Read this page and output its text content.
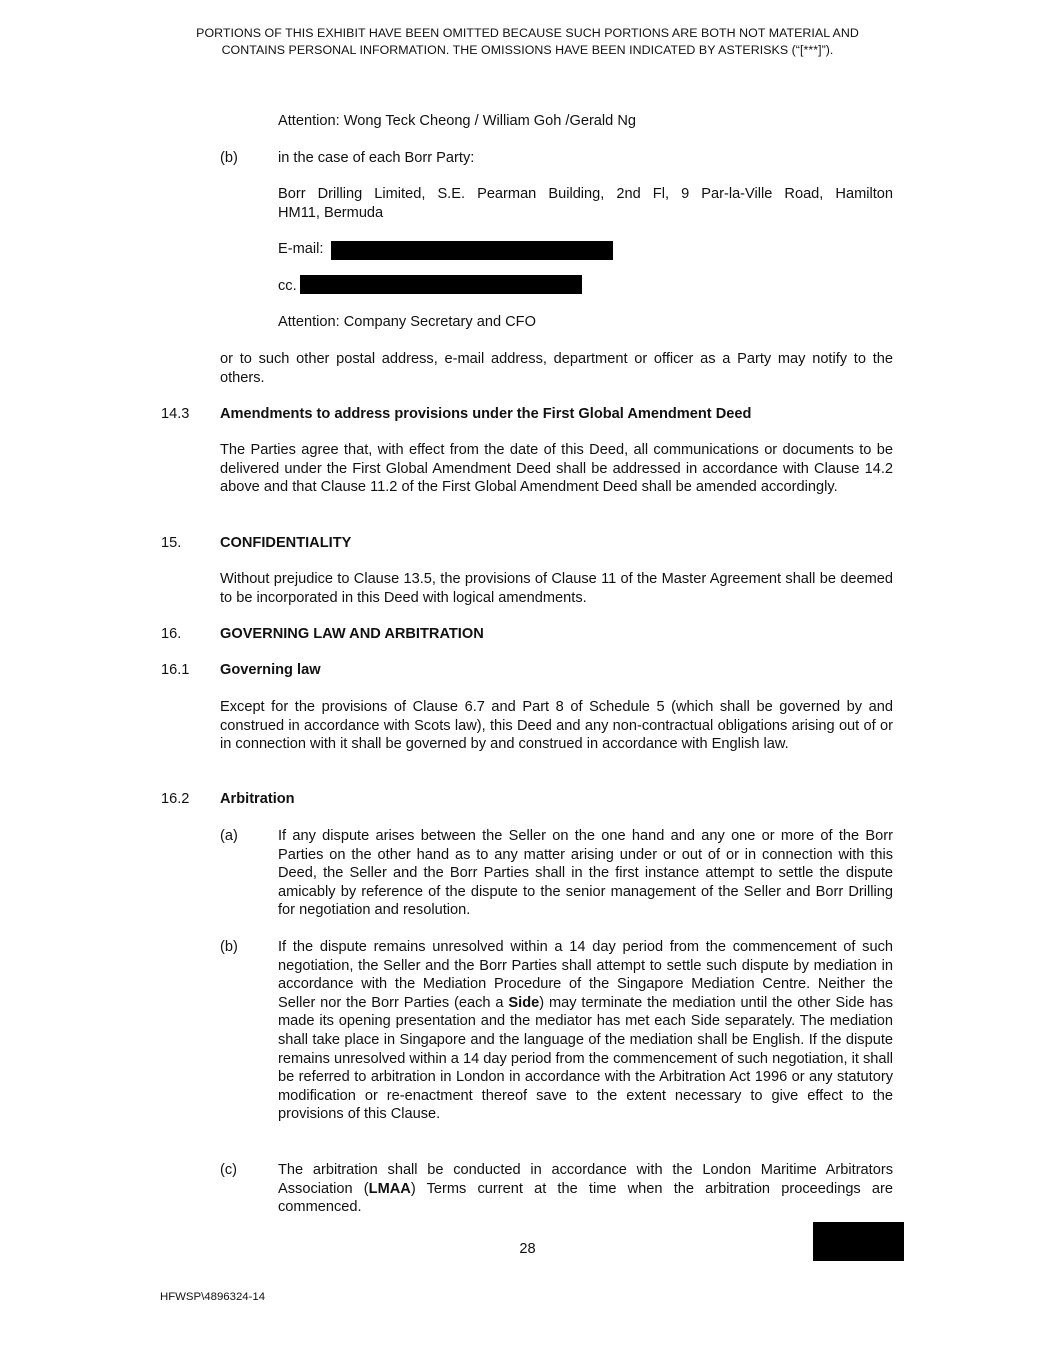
PORTIONS OF THIS EXHIBIT HAVE BEEN OMITTED BECAUSE SUCH PORTIONS ARE BOTH NOT MATERIAL AND
CONTAINS PERSONAL INFORMATION. THE OMISSIONS HAVE BEEN INDICATED BY ASTERISKS (“[***]”).
Attention: Wong Teck Cheong / William Goh /Gerald Ng
(b)	in the case of each Borr Party:
Borr Drilling Limited, S.E. Pearman Building, 2nd Fl, 9 Par-la-Ville Road, Hamilton
HM11, Bermuda
E-mail:
cc.
Attention: Company Secretary and CFO
or to such other postal address, e-mail address, department or officer as a Party may notify to the others.
14.3 Amendments to address provisions under the First Global Amendment Deed
The Parties agree that, with effect from the date of this Deed, all communications or documents to be delivered under the First Global Amendment Deed shall be addressed in accordance with Clause 14.2 above and that Clause 11.2 of the First Global Amendment Deed shall be amended accordingly.
15.	CONFIDENTIALITY
Without prejudice to Clause 13.5, the provisions of Clause 11 of the Master Agreement shall be deemed to be incorporated in this Deed with logical amendments.
16.	GOVERNING LAW AND ARBITRATION
16.1 Governing law
Except for the provisions of Clause 6.7 and Part 8 of Schedule 5 (which shall be governed by and construed in accordance with Scots law), this Deed and any non-contractual obligations arising out of or in connection with it shall be governed by and construed in accordance with English law.
16.2 Arbitration
(a)	If any dispute arises between the Seller on the one hand and any one or more of the Borr Parties on the other hand as to any matter arising under or out of or in connection with this Deed, the Seller and the Borr Parties shall in the first instance attempt to settle the dispute amicably by reference of the dispute to the senior management of the Seller and Borr Drilling for negotiation and resolution.
(b)	If the dispute remains unresolved within a 14 day period from the commencement of such negotiation, the Seller and the Borr Parties shall attempt to settle such dispute by mediation in accordance with the Mediation Procedure of the Singapore Mediation Centre. Neither the Seller nor the Borr Parties (each a Side) may terminate the mediation until the other Side has made its opening presentation and the mediator has met each Side separately. The mediation shall take place in Singapore and the language of the mediation shall be English. If the dispute remains unresolved within a 14 day period from the commencement of such negotiation, it shall be referred to arbitration in London in accordance with the Arbitration Act 1996 or any statutory modification or re-enactment thereof save to the extent necessary to give effect to the provisions of this Clause.
(c)	The arbitration shall be conducted in accordance with the London Maritime Arbitrators Association (LMAA) Terms current at the time when the arbitration proceedings are commenced.
28
HFWSP\4896324-14
